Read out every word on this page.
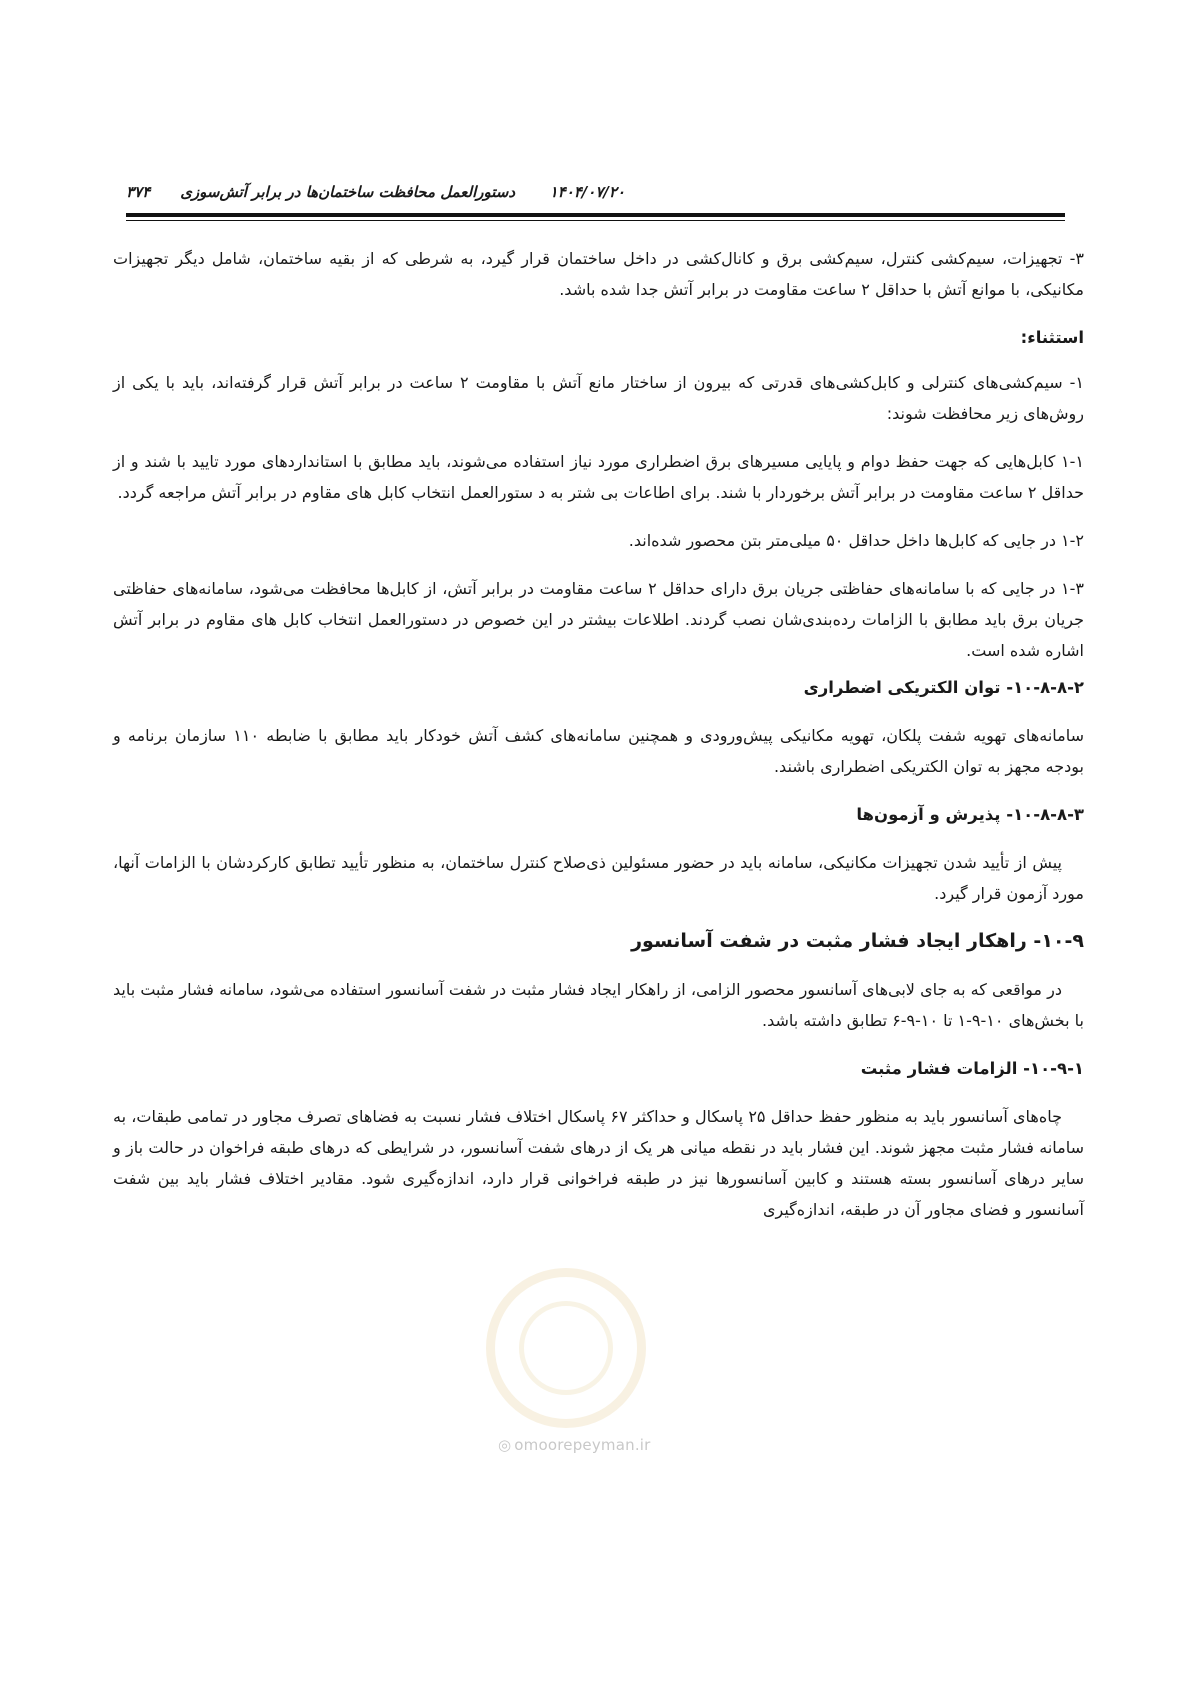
دستورالعمل محافظت ساختمان‌ها در برابر آتش‌سوزی ۱۴۰۴/۰۷/۲۰
۳۷۴

۳- تجهیزات، سیم‌کشی کنترل، سیم‌کشی برق و کانال‌کشی در داخل ساختمان قرار گیرد، به شرطی که از بقیه ساختمان، شامل دیگر تجهیزات مکانیکی، با موانع آتش با حداقل ۲ ساعت مقاومت در برابر آتش جدا شده باشد.

استثناء:

۱- سیم‌کشی‌های کنترلی و کابل‌کشی‌های قدرتی که بیرون از ساختار مانع آتش با مقاومت ۲ ساعت در برابر آتش قرار گرفته‌اند، باید با یکی از روش‌های زیر محافظت شوند:

۱-۱ کابل‌هایی که جهت حفظ دوام و پایایی مسیرهای برق اضطراری مورد نیاز استفاده می‌شوند، باید مطابق با استانداردهای مورد تایید با شند و از حداقل ۲ ساعت مقاومت در برابر آتش برخوردار با شند. برای اطاعات بی شتر به د ستورالعمل انتخاب کابل های مقاوم در برابر آتش مراجعه گردد.

۱-۲ در جایی که کابل‌ها داخل حداقل ۵۰ میلی‌متر بتن محصور شده‌اند.

۱-۳ در جایی که با سامانه‌های حفاظتی جریان برق دارای حداقل ۲ ساعت مقاومت در برابر آتش، از کابل‌ها محافظت می‌شود، سامانه‌های حفاظتی جریان برق باید مطابق با الزامات رده‌بندی‌شان نصب گردند. اطلاعات بیشتر در این خصوص در دستورالعمل انتخاب کابل های مقاوم در برابر آتش اشاره شده است.

۱۰-۸-۸-۲- توان الکتریکی اضطراری

سامانه‌های تهویه شفت پلکان، تهویه مکانیکی پیش‌ورودی و همچنین سامانه‌های کشف آتش خودکار باید مطابق با ضابطه ۱۱۰ سازمان برنامه و بودجه مجهز به توان الکتریکی اضطراری باشند.

۱۰-۸-۸-۳- پذیرش و آزمون‌ها

پیش از تأیید شدن تجهیزات مکانیکی، سامانه باید در حضور مسئولین ذی‌صلاح کنترل ساختمان، به منظور تأیید تطابق کارکردشان با الزامات آنها، مورد آزمون قرار گیرد.

۱۰-۹- راهکار ایجاد فشار مثبت در شفت آسانسور

در مواقعی که به جای لابی‌های آسانسور محصور الزامی، از راهکار ایجاد فشار مثبت در شفت آسانسور استفاده می‌شود، سامانه فشار مثبت باید با بخش‌های ۱۰-۹-۱ تا ۱۰-۹-۶ تطابق داشته باشد.

۱۰-۹-۱- الزامات فشار مثبت

چاه‌های آسانسور باید به منظور حفظ حداقل ۲۵ پاسکال و حداکثر ۶۷ پاسکال اختلاف فشار نسبت به فضاهای تصرف مجاور در تمامی طبقات، به سامانه فشار مثبت مجهز شوند. این فشار باید در نقطه میانی هر یک از درهای شفت آسانسور، در شرایطی که درهای طبقه فراخوان در حالت باز و سایر درهای آسانسور بسته هستند و کابین آسانسورها نیز در طبقه فراخوانی قرار دارد، اندازه‌گیری شود. مقادیر اختلاف فشار باید بین شفت آسانسور و فضای مجاور آن در طبقه، اندازه‌گیری

◎ omoorepeyman.ir
